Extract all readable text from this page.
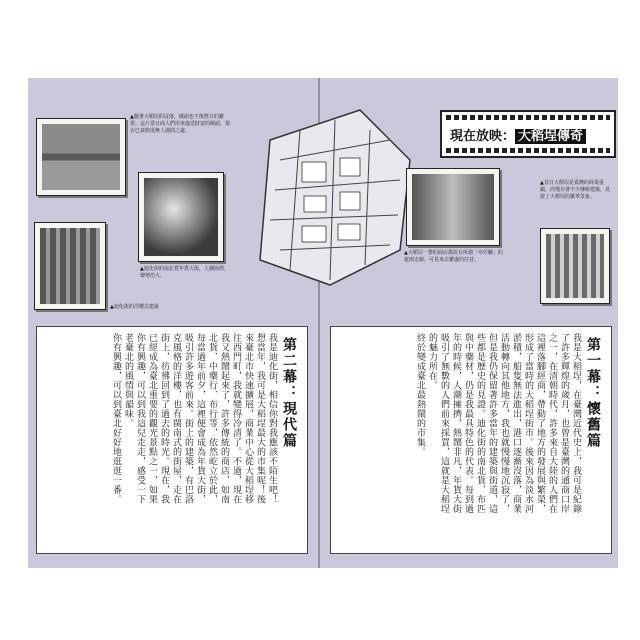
▲隨著大稻埕的沒落，碼頭也不復舊日的繁榮。這片當日商人們用來運送財富的碼頭，現在已衰敗成無人過問之處。
▲迪化街的洋樓式建築
▲迪化街的南北貨年貨大街，人潮洶湧，聲勢浩大。
現在放映： 大稻埕傳奇
▲大稻埕一帶的商店都設有所謂「亭仔腳」的遮雨走廊，可見來去繁盛的往昔。
▲昔日大稻埕是臺灣的商業重鎮，尚殘存著不少傳統建築，見證了大稻埕的繁華景象。
第二幕：現代篇
我是迪化街，相信你對我應該不陌生吧！
想當年，我可是大稻埕最大的市集呢！後
來臺北市快速擴展，商業中心從大稻埕移
往西門町，我就變得冷清了。不過，現在
我又熱鬧起來了，許多傳統的商店，如南
北貨、中藥行、布行等，依然屹立於此，
每當過年前夕，這裡便會成為年貨大街，
吸引許多遊客前來。街上的建築，有巴洛
克風格的洋樓，也有閩南式的街屋，走在
街上，彷彿回到了過去的時光。現在，我
已經成為臺北重要的觀光景點之一，如果
你有興趣，可以到我這兒走走，感受一下
老臺北的風情與韻味。
你有興趣，可以到臺北好好地逛逛一番。	第一幕：懷舊篇
我是大稻埕，在臺灣近代史上，我可是紀錄
了許多輝煌的歲月，也曾是臺灣的通商口岸
之一，在清朝時代，許多來自大陸的人們在
這裡落腳經商，帶動了地方的發展與繁榮，
形成了當時的大稻埕街市。後來因為淡水河
淤積，船隻無法進出，港口逐漸沒落，商業
活動轉向其他地方，我也就慢慢地沉寂了，
但是我仍保留著許多當年的建築與街道，這
些都是歷史的見證。迪化街的南北貨、布匹
與中藥材，仍是我最具特色的代表。每到過
年的時候，人潮擁擠，熱鬧非凡，年貨大街
吸引了無數的人們前來採買，這就是大稻埕
的魅力所在。
終於變成臺北最熱鬧的市集。
